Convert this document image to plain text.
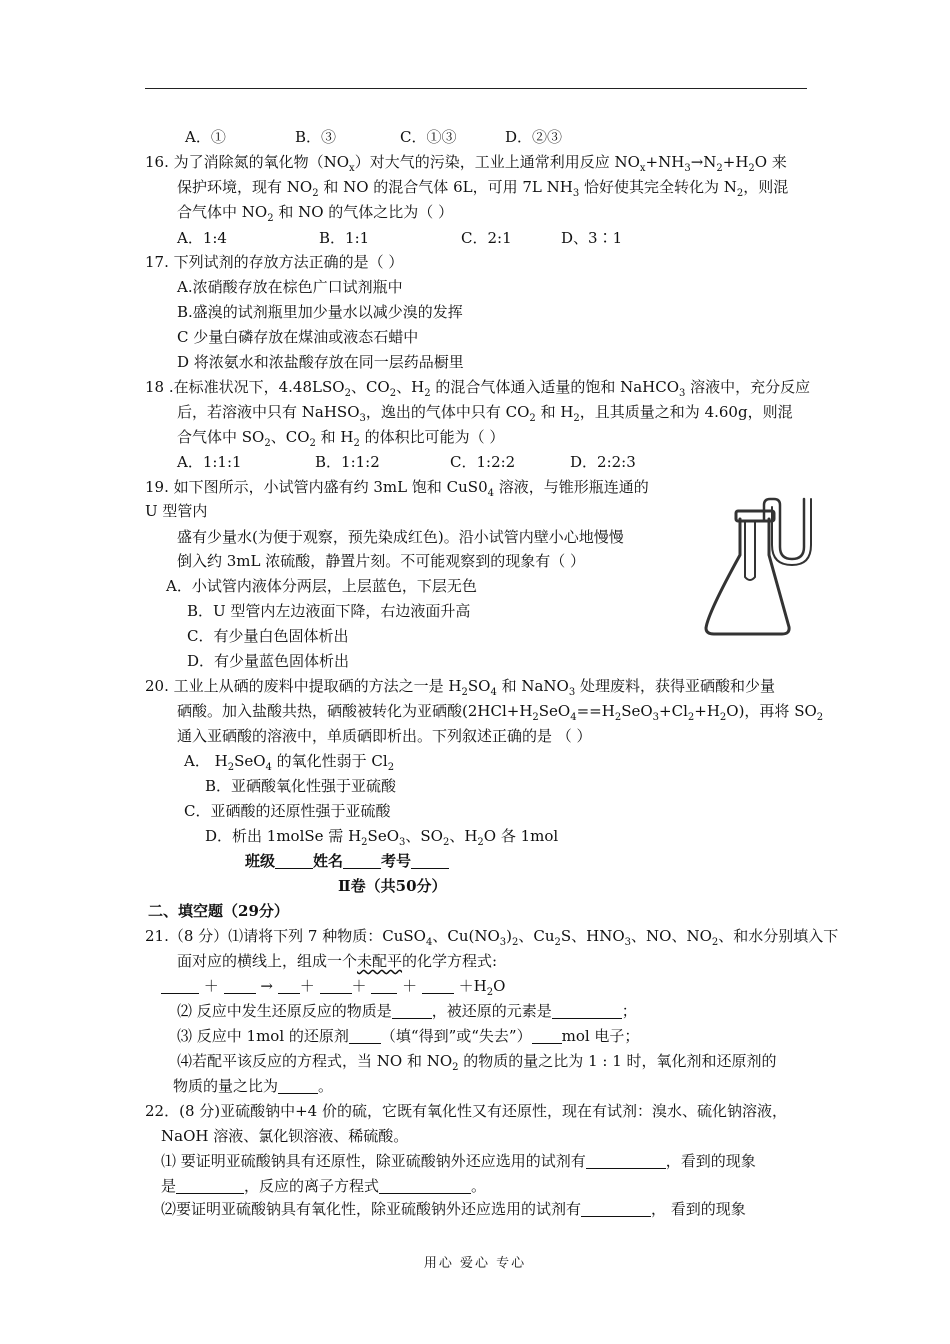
A．①	B．③	C．①③	D．②③
16. 为了消除氮的氧化物$(NO_x)$对大气的污染，工业上通常利用反应 $NO_x+NH_3\to N_2+H_2O$ 来
保护环境，现有 $NO_2$ 和 NO 的混合气体 6L，可用 7L $NH_3$ 恰好使其完全转化为 $N_2$，则混
合气体中 $NO_2$ 和 NO 的气体之比为（ ）
A．1:4	B．1:1	C．2:1	D、3∶1
17. 下列试剂的存放方法正确的是（ ）
A.浓硝酸存放在棕色广口试剂瓶中
B.盛溴的试剂瓶里加少量水以减少溴的发挥
C 少量白磷存放在煤油或液态石蜡中
D 将浓氨水和浓盐酸存放在同一层药品橱里
18 .在标准状况下，$4.48LSO_2$、$CO_2$、$H_2$ 的混合气体通入适量的饱和 NaHCO$_3$ 溶液中，充分反应
后，若溶液中只有 NaHSO$_3$，逸出的气体中只有 $CO_2$ 和 $H_2$，且其质量之和为 4.60g，则混
合气体中 $SO_2$、$CO_2$ 和 $H_2$ 的体积比可能为（ ）
A．1:1:1	B．1:1:2	C．1:2:2	D．2:2:3
19. 如下图所示，小试管内盛有约 3mL 饱和 $CuS0_4$ 溶液，与锥形瓶连通的
U 型管内
盛有少量水(为便于观察，预先染成红色)。沿小试管内壁小心地慢慢
倒入约 3mL 浓硫酸，静置片刻。不可能观察到的现象有（ ）
A．小试管内液体分两层，上层蓝色，下层无色
B．U 型管内左边液面下降，右边液面升高
C．有少量白色固体析出
D．有少量蓝色固体析出
20. 工业上从硒的废料中提取硒的方法之一是 $H_2SO_4$ 和 NaNO$_3$ 处理废料，获得亚硒酸和少量
硒酸。加入盐酸共热，硒酸被转化为亚硒酸$(2HCl+H_2SeO_4==H_2SeO_3+Cl_2+H_2O)$，再将 $SO_2$
通入亚硒酸的溶液中，单质硒即析出。下列叙述正确的是 （ ）
A． $H_2SeO_4$ 的氧化性弱于 $Cl_2$
B．亚硒酸氧化性强于亚硫酸
C．亚硒酸的还原性强于亚硫酸
D．析出 1molSe 需 $H_2SeO_3$、$SO_2$、$H_2O$ 各 1mol
班级	姓名	考号
Ⅱ卷（共50分）
二、填空题（29分）
21.（8 分）⑴请将下列 7 种物质：CuSO$_4$、$Cu(NO_3)_2$、$Cu_2S$、$HNO_3$、NO、$NO_2$、和水分别填入下
面对应的横线上，组成一个未配平的化学方程式:
＋	→ ＋ ＋ ＋	$+H_2O$
⑵ 反应中发生还原反应的物质是	，被还原的元素是	；
⑶ 反应中 1mol 的还原剂 （填“得到”或“失去”） mol 电子；
⑷若配平该反应的方程式，当 NO 和 $NO_2$ 的物质的量之比为 1 : 1 时，氧化剂和还原剂的
物质的量之比为	。
22．(8 分)亚硫酸钠中+4 价的硫，它既有氧化性又有还原性，现在有试剂：溴水、硫化钠溶液，
NaOH 溶液、氯化钡溶液、稀硫酸。
⑴ 要证明亚硫酸钠具有还原性，除亚硫酸钠外还应选用的试剂有	，看到的现象
是	，反应的离子方程式	。
⑵要证明亚硫酸钠具有氧化性，除亚硫酸钠外还应选用的试剂有	， 看到的现象
用心 爱心 专心
